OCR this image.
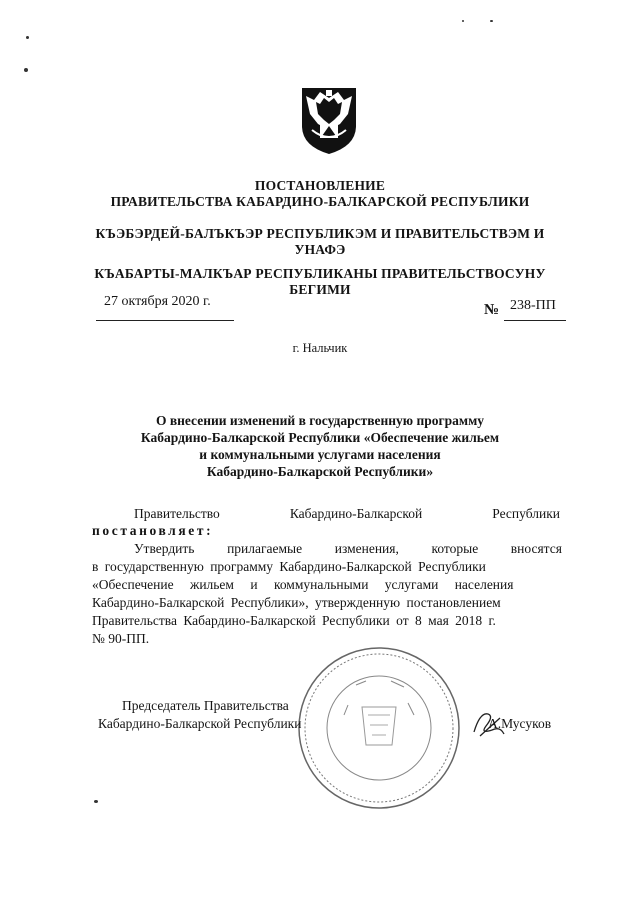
ПОСТАНОВЛЕНИЕ
ПРАВИТЕЛЬСТВА КАБАРДИНО-БАЛКАРСКОЙ РЕСПУБЛИКИ
КЪЭБЭРДЕЙ-БАЛЪКЪЭР РЕСПУБЛИКЭМ И ПРАВИТЕЛЬСТВЭМ И
УНАФЭ
КЪАБАРТЫ-МАЛКЪАР РЕСПУБЛИКАНЫ ПРАВИТЕЛЬСТВОСУНУ
БЕГИМИ
27 октября 2020 г.
№ 238-ПП
г. Нальчик
О внесении изменений в государственную программу
Кабардино-Балкарской Республики «Обеспечение жильем
и коммунальными услугами населения
Кабардино-Балкарской Республики»
Правительство	Кабардино-Балкарской	Республики
постановляет:
Утвердить прилагаемые изменения, которые вносятся
в государственную программу Кабардино-Балкарской Республики
«Обеспечение жильем и коммунальными услугами населения
Кабардино-Балкарской Республики», утвержденную постановлением
Правительства Кабардино-Балкарской Республики от 8 мая 2018 г.
№ 90-ПП.
Председатель Правительства
Кабардино-Балкарской Республики	А.Мусуков
